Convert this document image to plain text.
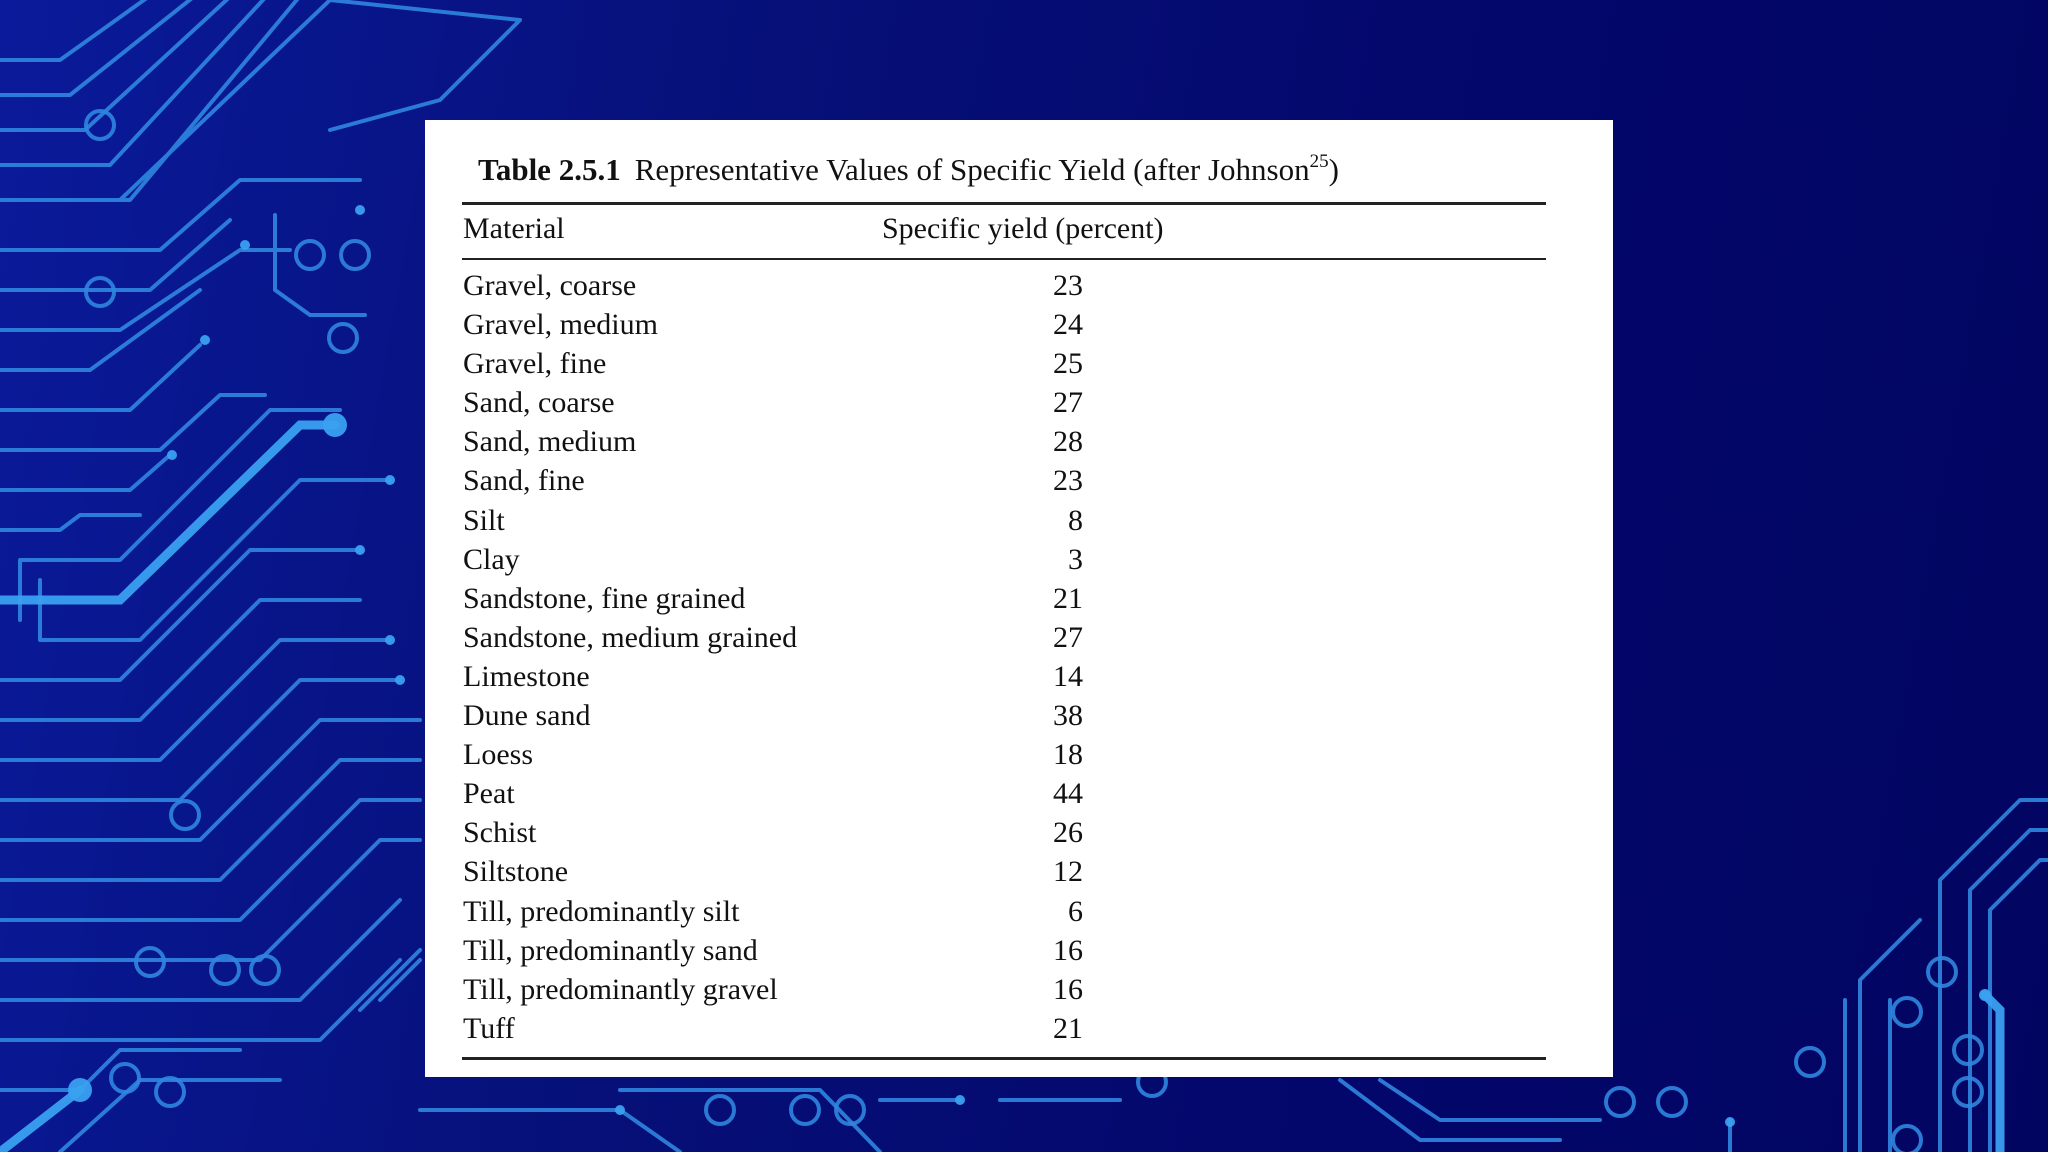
Table 2.5.1 Representative Values of Specific Yield (after Johnson$^{25}$)
Material	Specific yield (percent)
Gravel, coarse	23
Gravel, medium	24
Gravel, fine	25
Sand, coarse	27
Sand, medium	28
Sand, fine	23
Silt	8
Clay	3
Sandstone, fine grained	21
Sandstone, medium grained	27
Limestone	14
Dune sand	38
Loess	18
Peat	44
Schist	26
Siltstone	12
Till, predominantly silt	6
Till, predominantly sand	16
Till, predominantly gravel	16
Tuff	21
